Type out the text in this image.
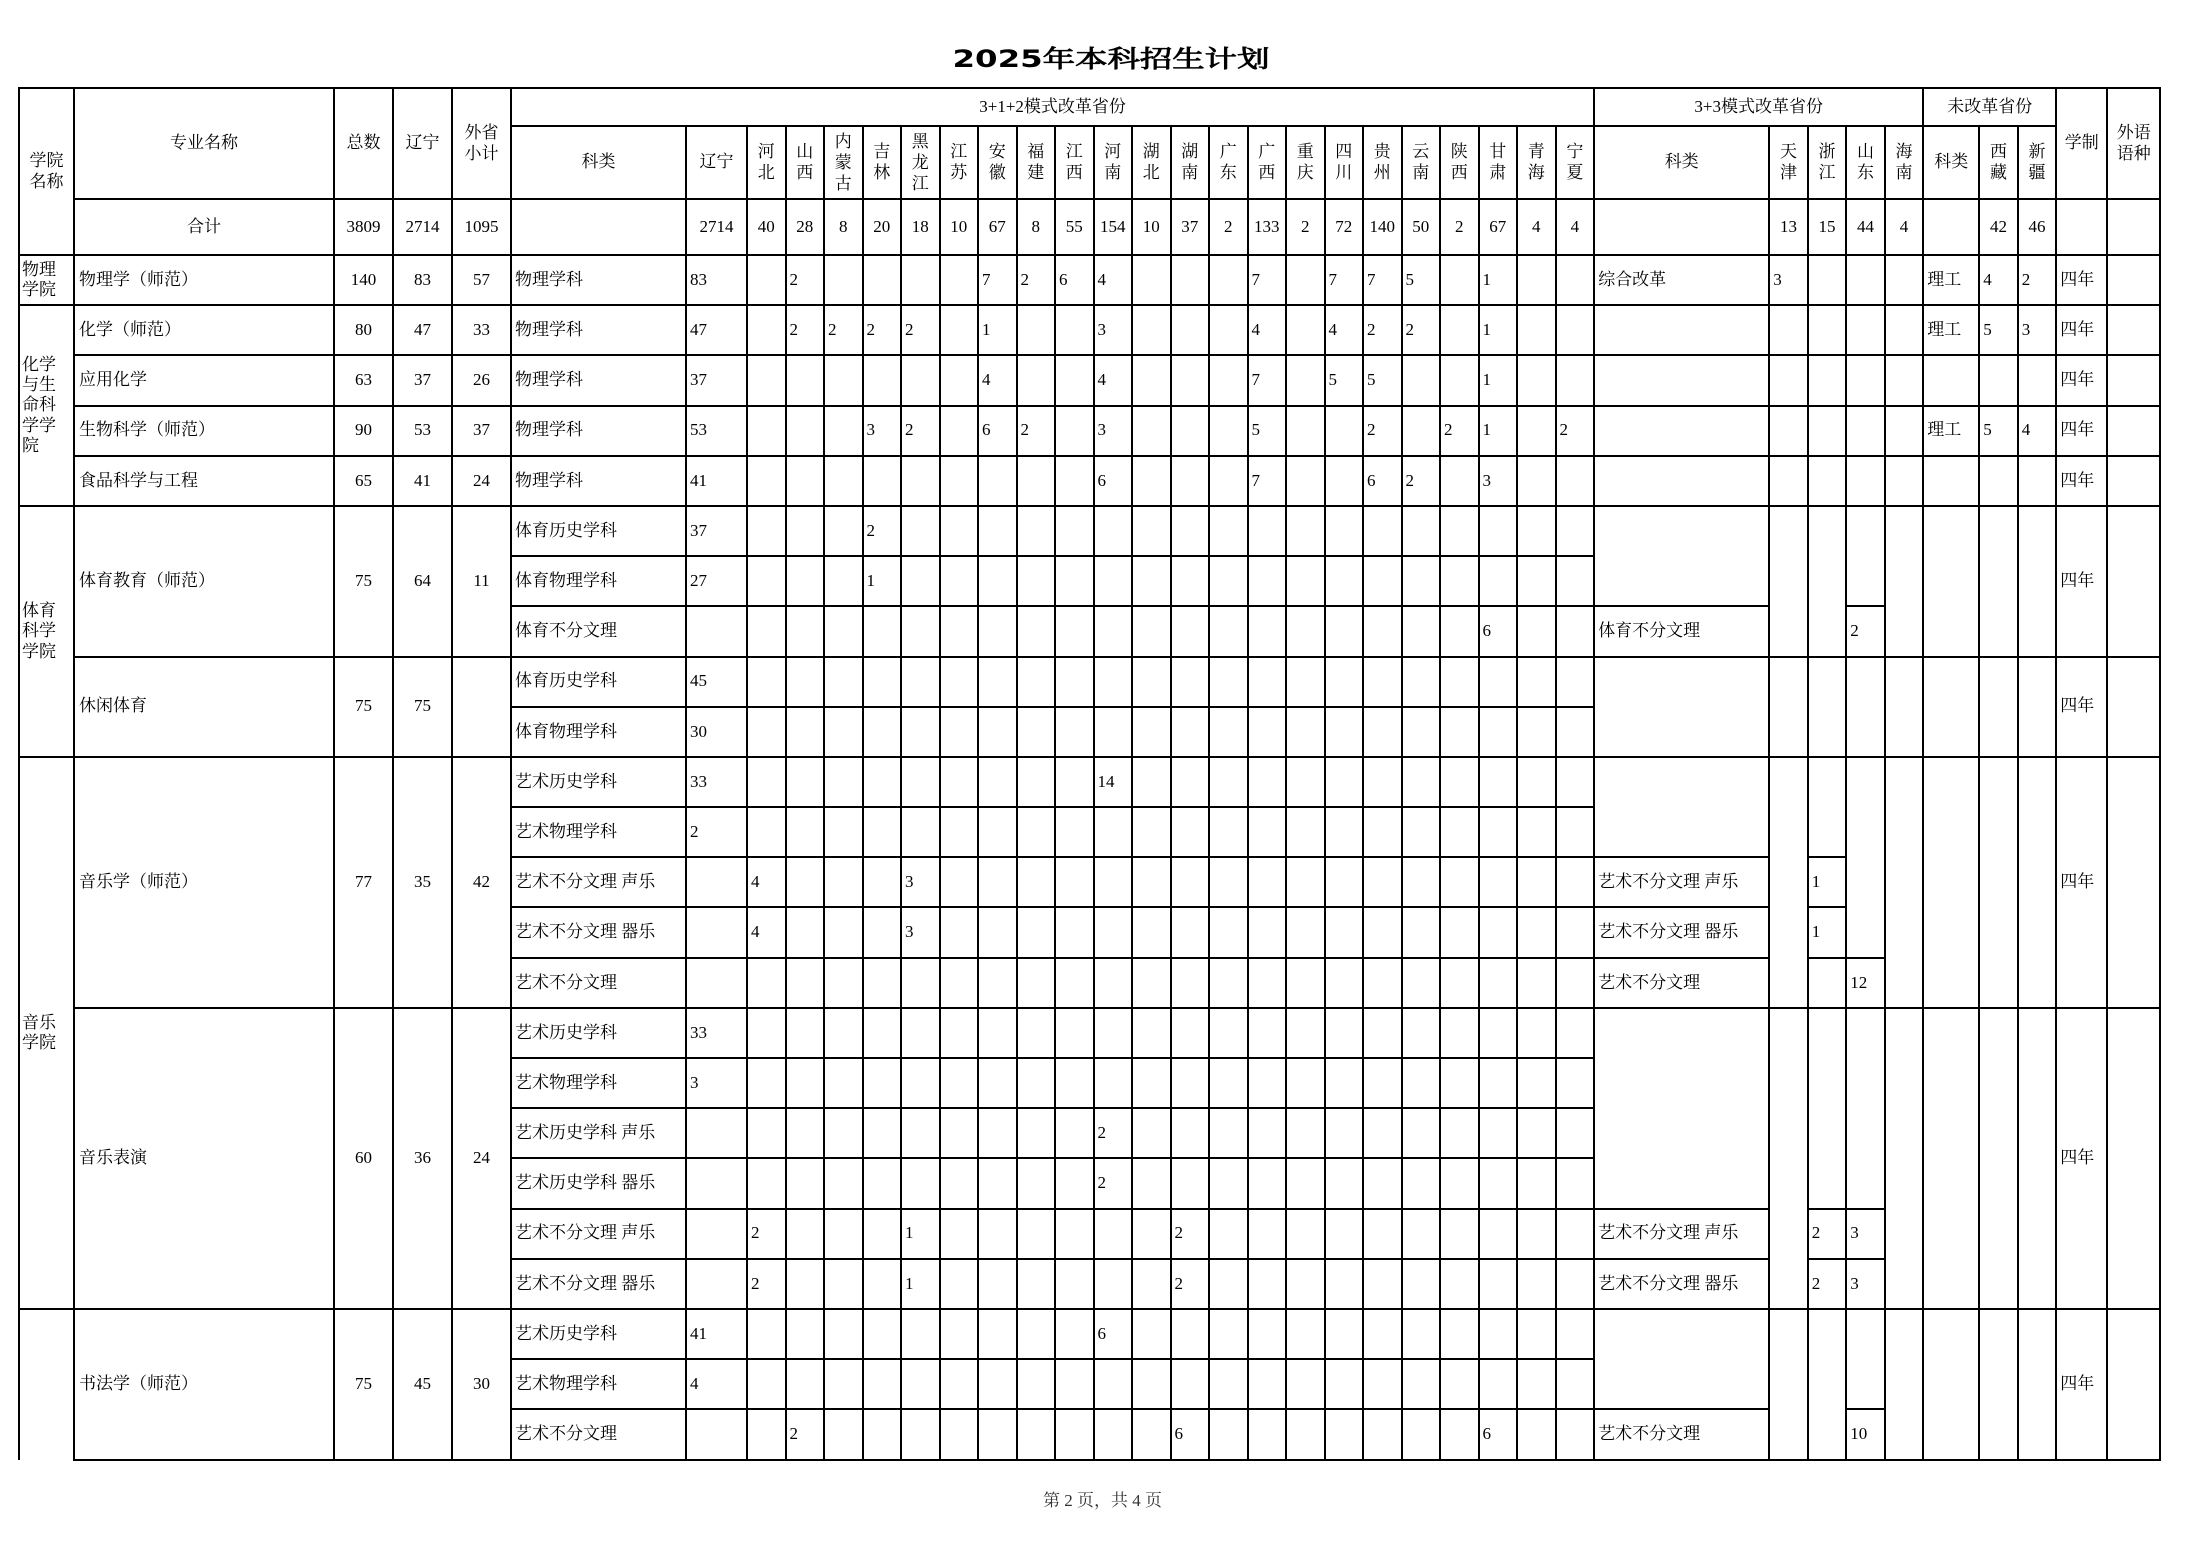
2025年本科招生计划
学院名称	专业名称	总数	辽宁	外省小计	3+1+2模式改革省份																								3+3模式改革省份					未改革省份			学制	外语语种
					科类	辽宁	河北	山西	内蒙古	吉林	黑龙江	江苏	安徽	福建	江西	河南	湖北	湖南	广东	广西	重庆	四川	贵州	云南	陕西	甘肃	青海	宁夏	科类	天津	浙江	山东	海南	科类	西藏	新疆		
	合计	3809	2714	1095		2714	40	28	8	20	18	10	67	8	55	154	10	37	2	133	2	72	140	50	2	67	4	4		13	15	44	4		42	46		
物理学院	物理学（师范）	140	83	57	物理学科	83		2					7	2	6	4				7		7	7	5		1			综合改革	3				理工	4	2	四年	
化学与生命科学学院	化学（师范）	80	47	33	物理学科	47		2	2	2	2		1			3				4		4	2	2		1								理工	5	3	四年	
	应用化学	63	37	26	物理学科	37							4			4				7		5	5			1											四年	
	生物科学（师范）	90	53	37	物理学科	53				3	2		6	2		3				5			2		2	1		2						理工	5	4	四年	
	食品科学与工程	65	41	24	物理学科	41										6				7			6	2		3											四年	
体育科学学院	体育教育（师范）	75	64	11	体育历史学科	37				2																											四年	
					体育物理学科	27				1																												
					体育不分文理																					6			体育不分文理			2						
	休闲体育	75	75		体育历史学科	45																															四年	
					体育物理学科	30																																
音乐学院	音乐学（师范）	77	35	42	艺术历史学科	33										14																					四年	
					艺术物理学科	2																																
					艺术不分文理 声乐		4				3																		艺术不分文理 声乐		1							
					艺术不分文理 器乐		4				3																		艺术不分文理 器乐		1							
					艺术不分文理																								艺术不分文理			12						
	音乐表演	60	36	24	艺术历史学科	33																															四年	
					艺术物理学科	3																																
					艺术历史学科 声乐											2																						
					艺术历史学科 器乐											2																						
					艺术不分文理 声乐		2				1							2											艺术不分文理 声乐		2	3						
					艺术不分文理 器乐		2				1							2											艺术不分文理 器乐		2	3						
	书法学（师范）	75	45	30	艺术历史学科	41										6																					四年	
					艺术物理学科	4																																
					艺术不分文理			2										6								6			艺术不分文理			10						
第 2 页，共 4 页
